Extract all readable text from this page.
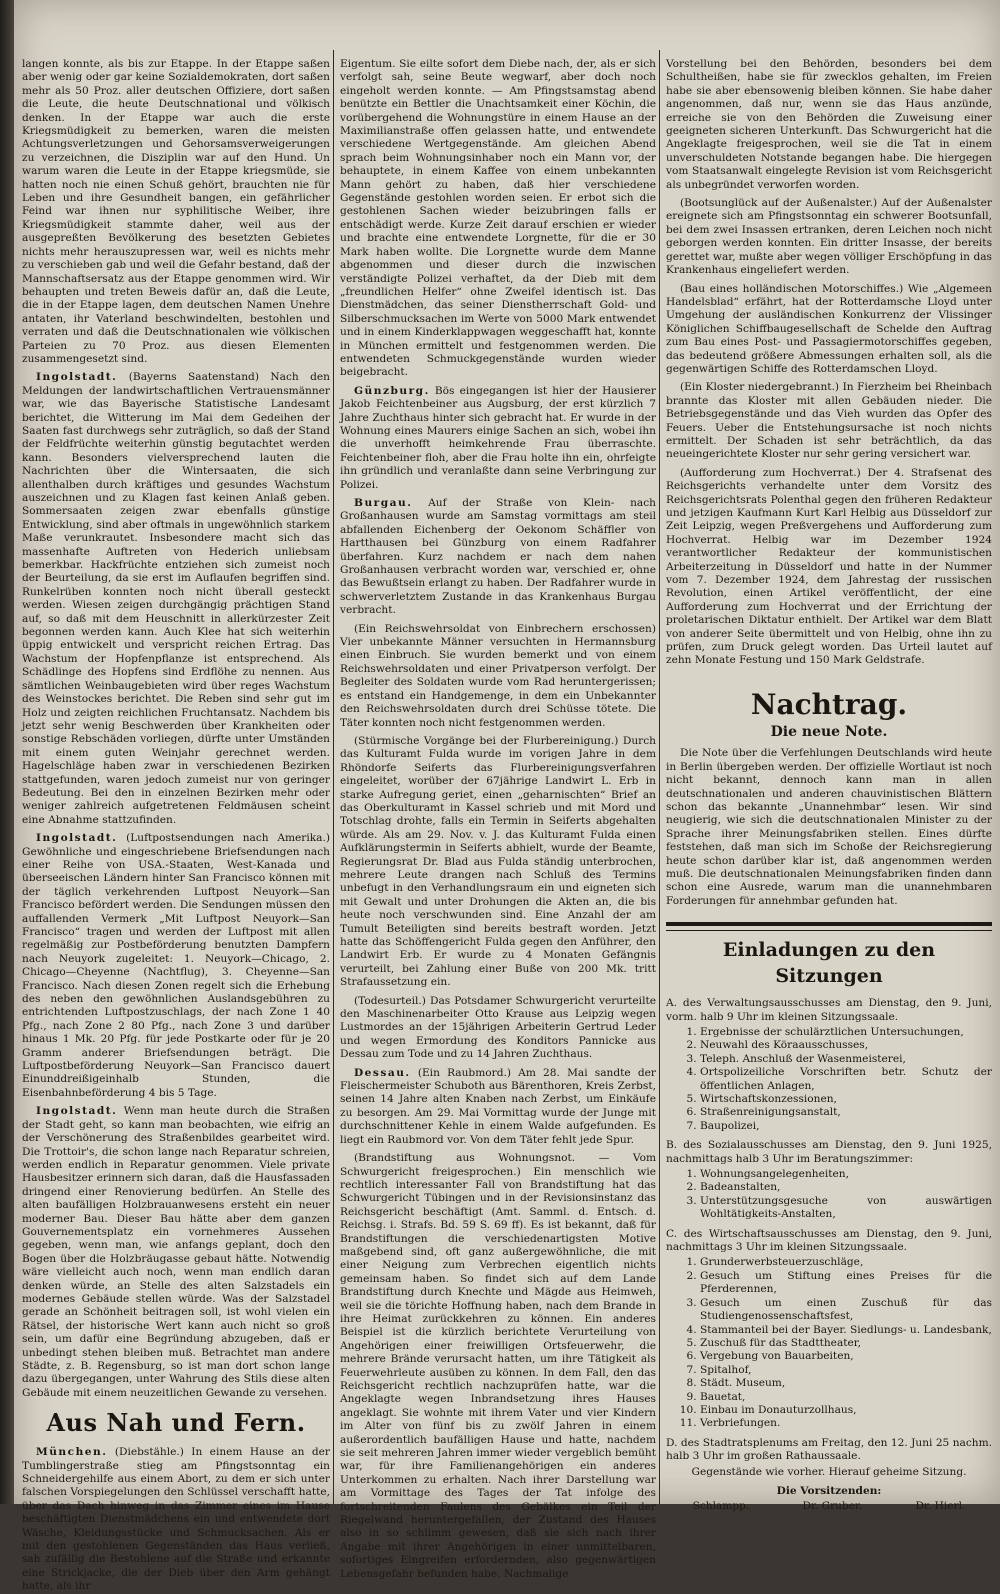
langen konnte, als bis zur Etappe. In der Etappe saßen aber wenig oder gar keine Sozialdemokraten, dort saßen mehr als 50 Proz. aller deutschen Offiziere, dort saßen die Leute, die heute Deutschnational und völkisch denken. In der Etappe war auch die erste Kriegsmüdigkeit zu bemerken, waren die meisten Achtungsverletzungen und Gehorsamsverweigerungen zu verzeichnen, die Disziplin war auf den Hund. Un warum waren die Leute in der Etappe kriegsmüde, sie hatten noch nie einen Schuß gehört, brauchten nie für Leben und ihre Gesundheit bangen, ein gefährlicher Feind war ihnen nur syphilitische Weiber, ihre Kriegsmüdigkeit stammte daher, weil aus der ausgepreßten Bevölkerung des besetzten Gebietes nichts mehr herauszupressen war, weil es nichts mehr zu verschieben gab und weil die Gefahr bestand, daß der Mannschaftsersatz aus der Etappe genommen wird. Wir behaupten und treten Beweis dafür an, daß die Leute, die in der Etappe lagen, dem deutschen Namen Unehre antaten, ihr Vaterland beschwindelten, bestohlen und verraten und daß die Deutschnationalen wie völkischen Parteien zu 70 Proz. aus diesen Elementen zusammengesetzt sind.

Ingolstadt. (Bayerns Saatenstand) Nach den Meldungen der landwirtschaftlichen Vertrauensmänner war, wie das Bayerische Statistische Landesamt berichtet, die Witterung im Mai dem Gedeihen der Saaten fast durchwegs sehr zuträglich, so daß der Stand der Feldfrüchte weiterhin günstig begutachtet werden kann. Besonders vielversprechend lauten die Nachrichten über die Wintersaaten, die sich allenthalben durch kräftiges und gesundes Wachstum auszeichnen und zu Klagen fast keinen Anlaß geben. Sommersaaten zeigen zwar ebenfalls günstige Entwicklung, sind aber oftmals in ungewöhnlich starkem Maße verunkrautet. Insbesondere macht sich das massenhafte Auftreten von Hederich unliebsam bemerkbar. Hackfrüchte entziehen sich zumeist noch der Beurteilung, da sie erst im Auflaufen begriffen sind. Runkelrüben konnten noch nicht überall gesteckt werden. Wiesen zeigen durchgängig prächtigen Stand auf, so daß mit dem Heuschnitt in allerkürzester Zeit begonnen werden kann. Auch Klee hat sich weiterhin üppig entwickelt und verspricht reichen Ertrag. Das Wachstum der Hopfenpflanze ist entsprechend. Als Schädlinge des Hopfens sind Erdflöhe zu nennen. Aus sämtlichen Weinbaugebieten wird über reges Wachstum des Weinstockes berichtet. Die Reben sind sehr gut im Holz und zeigten reichlichen Fruchtansatz. Nachdem bis jetzt sehr wenig Beschwerden über Krankheiten oder sonstige Rebschäden vorliegen, dürfte unter Umständen mit einem guten Weinjahr gerechnet werden. Hagelschläge haben zwar in verschiedenen Bezirken stattgefunden, waren jedoch zumeist nur von geringer Bedeutung. Bei den in einzelnen Bezirken mehr oder weniger zahlreich aufgetretenen Feldmäusen scheint eine Abnahme stattzufinden.

Ingolstadt. (Luftpostsendungen nach Amerika.) Gewöhnliche und eingeschriebene Briefsendungen nach einer Reihe von USA.-Staaten, West-Kanada und überseeischen Ländern hinter San Francisco können mit der täglich verkehrenden Luftpost Neuyork—San Francisco befördert werden. Die Sendungen müssen den auffallenden Vermerk „Mit Luftpost Neuyork—San Francisco“ tragen und werden der Luftpost mit allen regelmäßig zur Postbeförderung benutzten Dampfern nach Neuyork zugeleitet: 1. Neuyork—Chicago, 2. Chicago—Cheyenne (Nachtflug), 3. Cheyenne—San Francisco. Nach diesen Zonen regelt sich die Erhebung des neben den gewöhnlichen Auslandsgebühren zu entrichtenden Luftpostzuschlags, der nach Zone 1 40 Pfg., nach Zone 2 80 Pfg., nach Zone 3 und darüber hinaus 1 Mk. 20 Pfg. für jede Postkarte oder für je 20 Gramm anderer Briefsendungen beträgt. Die Luftpostbeförderung Neuyork—San Francisco dauert Einunddreißigeinhalb Stunden, die Eisenbahnbeförderung 4 bis 5 Tage.

Ingolstadt. Wenn man heute durch die Straßen der Stadt geht, so kann man beobachten, wie eifrig an der Verschönerung des Straßenbildes gearbeitet wird. Die Trottoir's, die schon lange nach Reparatur schreien, werden endlich in Reparatur genommen. Viele private Hausbesitzer erinnern sich daran, daß die Hausfassaden dringend einer Renovierung bedürfen. An Stelle des alten baufälligen Holzbrauanwesens ersteht ein neuer moderner Bau. Dieser Bau hätte aber dem ganzen Gouvernementsplatz ein vornehmeres Aussehen gegeben, wenn man, wie anfangs geplant, doch den Bogen über die Holzbräugasse gebaut hätte. Notwendig wäre vielleicht auch noch, wenn man endlich daran denken würde, an Stelle des alten Salzstadels ein modernes Gebäude stellen würde. Was der Salzstadel gerade an Schönheit beitragen soll, ist wohl vielen ein Rätsel, der historische Wert kann auch nicht so groß sein, um dafür eine Begründung abzugeben, daß er unbedingt stehen bleiben muß. Betrachtet man andere Städte, z. B. Regensburg, so ist man dort schon lange dazu übergegangen, unter Wahrung des Stils diese alten Gebäude mit einem neuzeitlichen Gewande zu versehen.

Aus Nah und Fern.

München. (Diebstähle.) In einem Hause an der Tumblingerstraße stieg am Pfingstsonntag ein Schneidergehilfe aus einem Abort, zu dem er sich unter falschen Vorspiegelungen den Schlüssel verschafft hatte, über das Dach hinweg in das Zimmer eines im Hause beschäftigten Dienstmädchens ein und entwendete dort Wäsche, Kleidungsstücke und Schmucksachen. Als er mit den gestohlenen Gegenständen das Haus verließ, sah zufällig die Bestohlene auf die Straße und erkannte eine Strickjacke, die der Dieb über den Arm gehängt hatte, als ihr

Eigentum. Sie eilte sofort dem Diebe nach, der, als er sich verfolgt sah, seine Beute wegwarf, aber doch noch eingeholt werden konnte. — Am Pfingstsamstag abend benützte ein Bettler die Unachtsamkeit einer Köchin, die vorübergehend die Wohnungstüre in einem Hause an der Maximilianstraße offen gelassen hatte, und entwendete verschiedene Wertgegenstände. Am gleichen Abend sprach beim Wohnungsinhaber noch ein Mann vor, der behauptete, in einem Kaffee von einem unbekannten Mann gehört zu haben, daß hier verschiedene Gegenstände gestohlen worden seien. Er erbot sich die gestohlenen Sachen wieder beizubringen falls er entschädigt werde. Kurze Zeit darauf erschien er wieder und brachte eine entwendete Lorgnette, für die er 30 Mark haben wollte. Die Lorgnette wurde dem Manne abgenommen und dieser durch die inzwischen verständigte Polizei verhaftet, da der Dieb mit dem „freundlichen Helfer“ ohne Zweifel identisch ist. Das Dienstmädchen, das seiner Dienstherrschaft Gold- und Silberschmucksachen im Werte von 5000 Mark entwendet und in einem Kinderklappwagen weggeschafft hat, konnte in München ermittelt und festgenommen werden. Die entwendeten Schmuckgegenstände wurden wieder beigebracht.

Günzburg. Bös eingegangen ist hier der Hausierer Jakob Feichtenbeiner aus Augsburg, der erst kürzlich 7 Jahre Zuchthaus hinter sich gebracht hat. Er wurde in der Wohnung eines Maurers einige Sachen an sich, wobei ihn die unverhofft heimkehrende Frau überraschte. Feichtenbeiner floh, aber die Frau holte ihn ein, ohrfeigte ihn gründlich und veranlaßte dann seine Verbringung zur Polizei.

Burgau. Auf der Straße von Klein- nach Großanhausen wurde am Samstag vormittags am steil abfallenden Eichenberg der Oekonom Schäffler von Hartthausen bei Günzburg von einem Radfahrer überfahren. Kurz nachdem er nach dem nahen Großanhausen verbracht worden war, verschied er, ohne das Bewußtsein erlangt zu haben. Der Radfahrer wurde in schwerverletztem Zustande in das Krankenhaus Burgau verbracht.

(Ein Reichswehrsoldat von Einbrechern erschossen) Vier unbekannte Männer versuchten in Hermannsburg einen Einbruch. Sie wurden bemerkt und von einem Reichswehrsoldaten und einer Privatperson verfolgt. Der Begleiter des Soldaten wurde vom Rad heruntergerissen; es entstand ein Handgemenge, in dem ein Unbekannter den Reichswehrsoldaten durch drei Schüsse tötete. Die Täter konnten noch nicht festgenommen werden.

(Stürmische Vorgänge bei der Flurbereinigung.) Durch das Kulturamt Fulda wurde im vorigen Jahre in dem Rhöndorfe Seiferts das Flurbereinigungsverfahren eingeleitet, worüber der 67jährige Landwirt L. Erb in starke Aufregung geriet, einen „geharnischten“ Brief an das Oberkulturamt in Kassel schrieb und mit Mord und Totschlag drohte, falls ein Termin in Seiferts abgehalten würde. Als am 29. Nov. v. J. das Kulturamt Fulda einen Aufklärungstermin in Seiferts abhielt, wurde der Beamte, Regierungsrat Dr. Blad aus Fulda ständig unterbrochen, mehrere Leute drangen nach Schluß des Termins unbefugt in den Verhandlungsraum ein und eigneten sich mit Gewalt und unter Drohungen die Akten an, die bis heute noch verschwunden sind. Eine Anzahl der am Tumult Beteiligten sind bereits bestraft worden. Jetzt hatte das Schöffengericht Fulda gegen den Anführer, den Landwirt Erb. Er wurde zu 4 Monaten Gefängnis verurteilt, bei Zahlung einer Buße von 200 Mk. tritt Strafaussetzung ein.

(Todesurteil.) Das Potsdamer Schwurgericht verurteilte den Maschinenarbeiter Otto Krause aus Leipzig wegen Lustmordes an der 15jährigen Arbeiterin Gertrud Leder und wegen Ermordung des Konditors Pannicke aus Dessau zum Tode und zu 14 Jahren Zuchthaus.

Dessau. (Ein Raubmord.) Am 28. Mai sandte der Fleischermeister Schuboth aus Bärenthoren, Kreis Zerbst, seinen 14 Jahre alten Knaben nach Zerbst, um Einkäufe zu besorgen. Am 29. Mai Vormittag wurde der Junge mit durchschnittener Kehle in einem Walde aufgefunden. Es liegt ein Raubmord vor. Von dem Täter fehlt jede Spur.

(Brandstiftung aus Wohnungsnot. — Vom Schwurgericht freigesprochen.) Ein menschlich wie rechtlich interessanter Fall von Brandstiftung hat das Schwurgericht Tübingen und in der Revisionsinstanz das Reichsgericht beschäftigt (Amt. Samml. d. Entsch. d. Reichsg. i. Strafs. Bd. 59 S. 69 ff). Es ist bekannt, daß für Brandstiftungen die verschiedenartigsten Motive maßgebend sind, oft ganz außergewöhnliche, die mit einer Neigung zum Verbrechen eigentlich nichts gemeinsam haben. So findet sich auf dem Lande Brandstiftung durch Knechte und Mägde aus Heimweh, weil sie die törichte Hoffnung haben, nach dem Brande in ihre Heimat zurückkehren zu können. Ein anderes Beispiel ist die kürzlich berichtete Verurteilung von Angehörigen einer freiwilligen Ortsfeuerwehr, die mehrere Brände verursacht hatten, um ihre Tätigkeit als Feuerwehrleute ausüben zu können. In dem Fall, den das Reichsgericht rechtlich nachzuprüfen hatte, war die Angeklagte wegen Inbrandsetzung ihres Hauses angeklagt. Sie wohnte mit ihrem Vater und vier Kindern im Alter von fünf bis zu zwölf Jahren in einem außerordentlich baufälligen Hause und hatte, nachdem sie seit mehreren Jahren immer wieder vergeblich bemüht war, für ihre Familienangehörigen ein anderes Unterkommen zu erhalten. Nach ihrer Darstellung war am Vormittage des Tages der Tat infolge des fortschreitenden Faulens des Gebälkes ein Teil der Riegelwand heruntergefallen, der Zustand des Hauses also in so schlimm gewesen, daß sie sich nach ihrer Angabe mit ihrer Angehörigen in einer unmittelbaren, sofortiges Eingreifen erfordernden, also gegenwärtigen Lebensgefahr befunden habe. Nachmalige

Vorstellung bei den Behörden, besonders bei dem Schultheißen, habe sie für zwecklos gehalten, im Freien habe sie aber ebensowenig bleiben können. Sie habe daher angenommen, daß nur, wenn sie das Haus anzünde, erreiche sie von den Behörden die Zuweisung einer geeigneten sicheren Unterkunft. Das Schwurgericht hat die Angeklagte freigesprochen, weil sie die Tat in einem unverschuldeten Notstande begangen habe. Die hiergegen vom Staatsanwalt eingelegte Revision ist vom Reichsgericht als unbegründet verworfen worden.

(Bootsunglück auf der Außenalster.) Auf der Außenalster ereignete sich am Pfingstsonntag ein schwerer Bootsunfall, bei dem zwei Insassen ertranken, deren Leichen noch nicht geborgen werden konnten. Ein dritter Insasse, der bereits gerettet war, mußte aber wegen völliger Erschöpfung in das Krankenhaus eingeliefert werden.

(Bau eines holländischen Motorschiffes.) Wie „Algemeen Handelsblad“ erfährt, hat der Rotterdamsche Lloyd unter Umgehung der ausländischen Konkurrenz der Vlissinger Königlichen Schiffbaugesellschaft de Schelde den Auftrag zum Bau eines Post- und Passagiermotorschiffes gegeben, das bedeutend größere Abmessungen erhalten soll, als die gegenwärtigen Schiffe des Rotterdamschen Lloyd.

(Ein Kloster niedergebrannt.) In Fierzheim bei Rheinbach brannte das Kloster mit allen Gebäuden nieder. Die Betriebsgegenstände und das Vieh wurden das Opfer des Feuers. Ueber die Entstehungsursache ist noch nichts ermittelt. Der Schaden ist sehr beträchtlich, da das neueingerichtete Kloster nur sehr gering versichert war.

(Aufforderung zum Hochverrat.) Der 4. Strafsenat des Reichsgerichts verhandelte unter dem Vorsitz des Reichsgerichtsrats Polenthal gegen den früheren Redakteur und jetzigen Kaufmann Kurt Karl Helbig aus Düsseldorf zur Zeit Leipzig, wegen Preßvergehens und Aufforderung zum Hochverrat. Helbig war im Dezember 1924 verantwortlicher Redakteur der kommunistischen Arbeiterzeitung in Düsseldorf und hatte in der Nummer vom 7. Dezember 1924, dem Jahrestag der russischen Revolution, einen Artikel veröffentlicht, der eine Aufforderung zum Hochverrat und der Errichtung der proletarischen Diktatur enthielt. Der Artikel war dem Blatt von anderer Seite übermittelt und von Helbig, ohne ihn zu prüfen, zum Druck gelegt worden. Das Urteil lautet auf zehn Monate Festung und 150 Mark Geldstrafe.

Nachtrag.
Die neue Note.

Die Note über die Verfehlungen Deutschlands wird heute in Berlin übergeben werden. Der offizielle Wortlaut ist noch nicht bekannt, dennoch kann man in allen deutschnationalen und anderen chauvinistischen Blättern schon das bekannte „Unannehmbar“ lesen. Wir sind neugierig, wie sich die deutschnationalen Minister zu der Sprache ihrer Meinungsfabriken stellen. Eines dürfte feststehen, daß man sich im Schoße der Reichsregierung heute schon darüber klar ist, daß angenommen werden muß. Die deutschnationalen Meinungsfabriken finden dann schon eine Ausrede, warum man die unannehmbaren Forderungen für annehmbar gefunden hat.

Einladungen zu den Sitzungen

A. des Verwaltungsausschusses am Dienstag, den 9. Juni, vorm. halb 9 Uhr im kleinen Sitzungssaale.

1. Ergebnisse der schulärztlichen Untersuchungen,
2. Neuwahl des Köraausschusses,
3. Teleph. Anschluß der Wasenmeisterei,
4. Ortspolizeiliche Vorschriften betr. Schutz der öffentlichen Anlagen,
5. Wirtschaftskonzessionen,
6. Straßenreinigungsanstalt,
7. Baupolizei,

B. des Sozialausschusses am Dienstag, den 9. Juni 1925, nachmittags halb 3 Uhr im Beratungszimmer:

1. Wohnungsangelegenheiten,
2. Badeanstalten,
3. Unterstützungsgesuche von auswärtigen Wohltätigkeits-Anstalten,

C. des Wirtschaftsausschusses am Dienstag, den 9. Juni, nachmittags 3 Uhr im kleinen Sitzungssaale.

1. Grunderwerbsteuerzuschläge,
2. Gesuch um Stiftung eines Preises für die Pferderennen,
3. Gesuch um einen Zuschuß für das Studiengenossenschaftsfest,
4. Stammanteil bei der Bayer. Siedlungs- u. Landesbank,
5. Zuschuß für das Stadttheater,
6. Vergebung von Bauarbeiten,
7. Spitalhof,
8. Städt. Museum,
9. Bauetat,
10. Einbau im Donauturzollhaus,
11. Verbriefungen.

D. des Stadtratsplenums am Freitag, den 12. Juni 25 nachm. halb 3 Uhr im großen Rathaussaale.

Gegenstände wie vorher. Hierauf geheime Sitzung.

Die Vorsitzenden:

Schlampp.	Dr. Gruber.	Dr. Hierl.
